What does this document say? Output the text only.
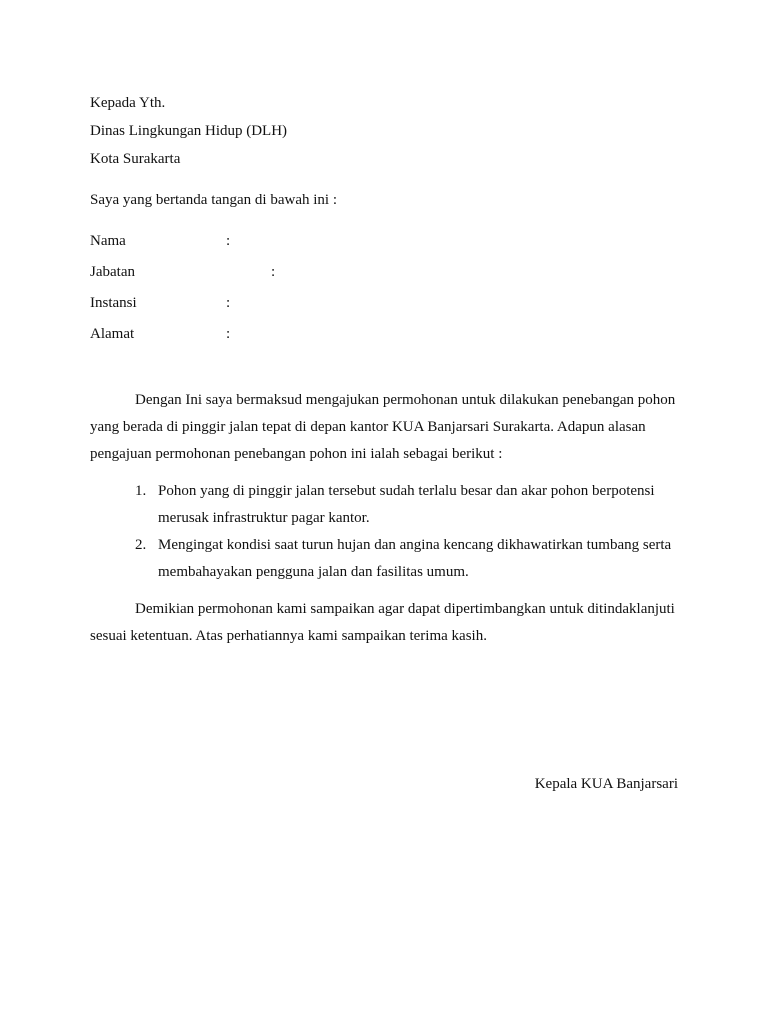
Kepada Yth.
Dinas Lingkungan Hidup (DLH)
Kota Surakarta
Saya yang bertanda tangan di bawah ini :
Nama	:
Jabatan	:
Instansi	:
Alamat	:
Dengan Ini saya bermaksud mengajukan permohonan untuk dilakukan penebangan pohon yang berada di pinggir jalan tepat di depan kantor KUA Banjarsari Surakarta. Adapun alasan pengajuan permohonan penebangan pohon ini ialah sebagai berikut :
1. Pohon yang di pinggir jalan tersebut sudah terlalu besar dan akar pohon berpotensi merusak infrastruktur pagar kantor.
2. Mengingat kondisi saat turun hujan dan angina kencang dikhawatirkan tumbang serta membahayakan pengguna jalan dan fasilitas umum.
Demikian permohonan kami sampaikan agar dapat dipertimbangkan untuk ditindaklanjuti sesuai ketentuan. Atas perhatiannya kami sampaikan terima kasih.
Kepala KUA Banjarsari
